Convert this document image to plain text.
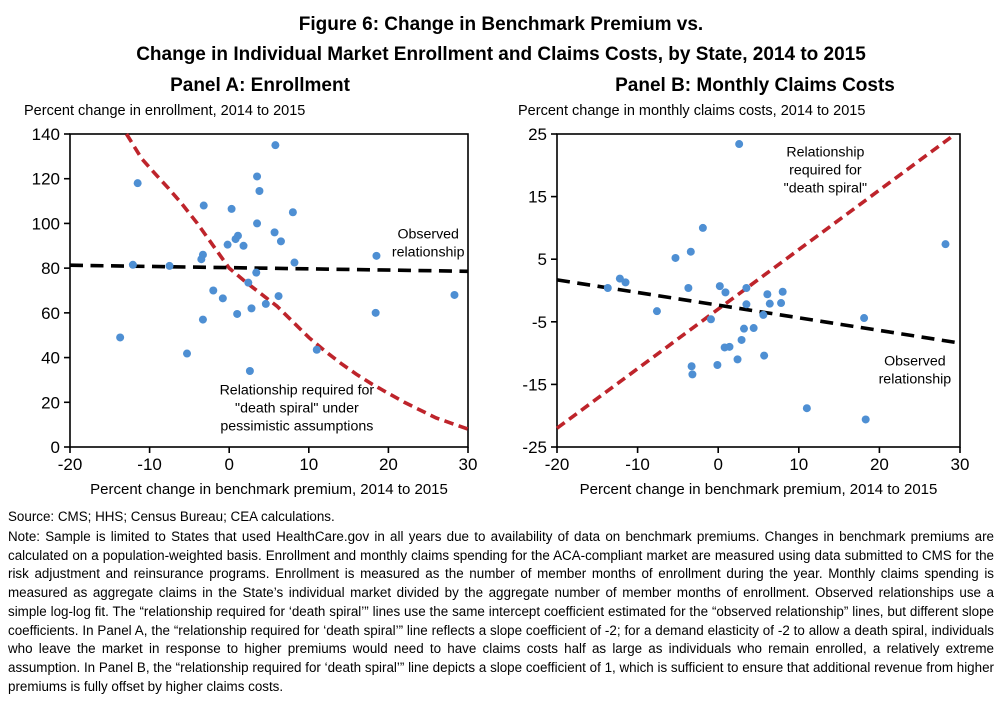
Figure 6: Change in Benchmark Premium vs.
Change in Individual Market Enrollment and Claims Costs, by State, 2014 to 2015
Panel A: Enrollment	Panel B: Monthly Claims Costs
Percent change in enrollment, 2014 to 2015	Percent change in monthly claims costs, 2014 to 2015
-20	-10	0	10	20	30
0
20
40
60
80
100
120
140
Percent change in benchmark premium, 2014 to 2015
Relationship required for
"death spiral" under
pessimistic assumptions
Observed
relationship
-20	-10	0	10	20	30
-25
-15
-5
5
15
25
Percent change in benchmark premium, 2014 to 2015
Relationship
required for
"death spiral"
Observed
relationship
Source: CMS; HHS; Census Bureau; CEA calculations.
Note: Sample is limited to States that used HealthCare.gov in all years due to availability of data on benchmark premiums. Changes in benchmark premiums are calculated on a population-weighted basis. Enrollment and monthly claims spending for the ACA-compliant market are measured using data submitted to CMS for the risk adjustment and reinsurance programs. Enrollment is measured as the number of member months of enrollment during the year. Monthly claims spending is measured as aggregate claims in the State’s individual market divided by the aggregate number of member months of enrollment. Observed relationships use a simple log-log fit. The “relationship required for ‘death spiral’” lines use the same intercept coefficient estimated for the “observed relationship” lines, but different slope coefficients. In Panel A, the “relationship required for ‘death spiral’” line reflects a slope coefficient of -2; for a demand elasticity of -2 to allow a death spiral, individuals who leave the market in response to higher premiums would need to have claims costs half as large as individuals who remain enrolled, a relatively extreme assumption. In Panel B, the “relationship required for ‘death spiral’” line depicts a slope coefficient of 1, which is sufficient to ensure that additional revenue from higher premiums is fully offset by higher claims costs.
